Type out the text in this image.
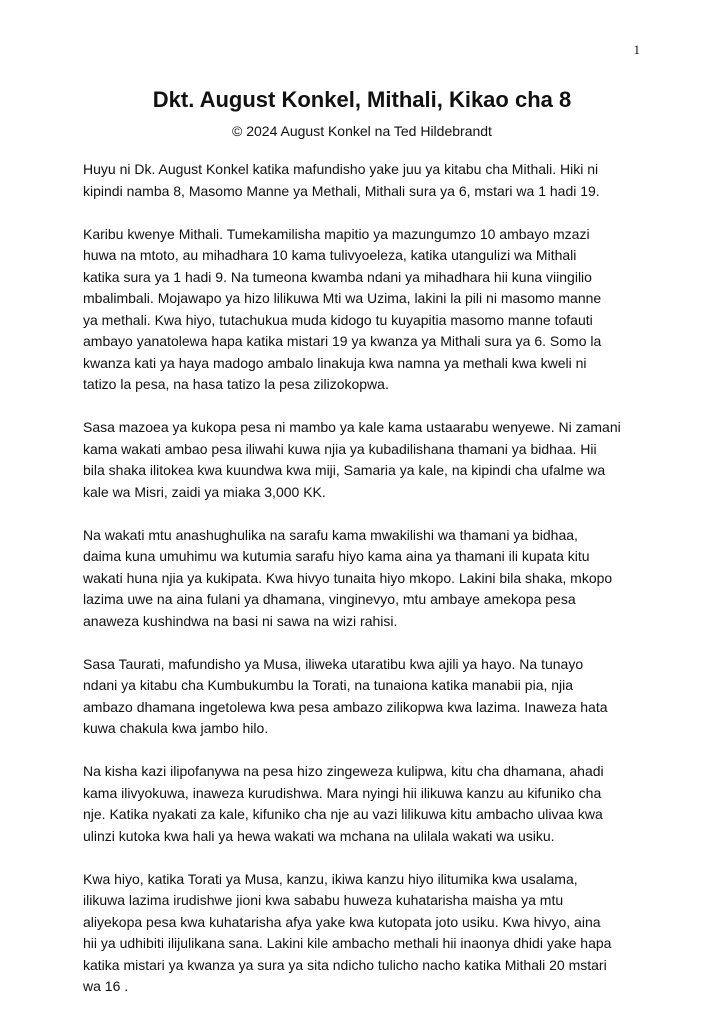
1
Dkt. August Konkel, Mithali, Kikao cha 8

© 2024 August Konkel na Ted Hildebrandt

Huyu ni Dk. August Konkel katika mafundisho yake juu ya kitabu cha Mithali. Hiki ni
kipindi namba 8, Masomo Manne ya Methali, Mithali sura ya 6, mstari wa 1 hadi 19.

Karibu kwenye Mithali. Tumekamilisha mapitio ya mazungumzo 10 ambayo mzazi
huwa na mtoto, au mihadhara 10 kama tulivyoeleza, katika utangulizi wa Mithali
katika sura ya 1 hadi 9. Na tumeona kwamba ndani ya mihadhara hii kuna viingilio
mbalimbali. Mojawapo ya hizo lilikuwa Mti wa Uzima, lakini la pili ni masomo manne
ya methali. Kwa hiyo, tutachukua muda kidogo tu kuyapitia masomo manne tofauti
ambayo yanatolewa hapa katika mistari 19 ya kwanza ya Mithali sura ya 6. Somo la
kwanza kati ya haya madogo ambalo linakuja kwa namna ya methali kwa kweli ni
tatizo la pesa, na hasa tatizo la pesa zilizokopwa.

Sasa mazoea ya kukopa pesa ni mambo ya kale kama ustaarabu wenyewe. Ni zamani
kama wakati ambao pesa iliwahi kuwa njia ya kubadilishana thamani ya bidhaa. Hii
bila shaka ilitokea kwa kuundwa kwa miji, Samaria ya kale, na kipindi cha ufalme wa
kale wa Misri, zaidi ya miaka 3,000 KK.

Na wakati mtu anashughulika na sarafu kama mwakilishi wa thamani ya bidhaa,
daima kuna umuhimu wa kutumia sarafu hiyo kama aina ya thamani ili kupata kitu
wakati huna njia ya kukipata. Kwa hivyo tunaita hiyo mkopo. Lakini bila shaka, mkopo
lazima uwe na aina fulani ya dhamana, vinginevyo, mtu ambaye amekopa pesa
anaweza kushindwa na basi ni sawa na wizi rahisi.

Sasa Taurati, mafundisho ya Musa, iliweka utaratibu kwa ajili ya hayo. Na tunayo
ndani ya kitabu cha Kumbukumbu la Torati, na tunaiona katika manabii pia, njia
ambazo dhamana ingetolewa kwa pesa ambazo zilikopwa kwa lazima. Inaweza hata
kuwa chakula kwa jambo hilo.

Na kisha kazi ilipofanywa na pesa hizo zingeweza kulipwa, kitu cha dhamana, ahadi
kama ilivyokuwa, inaweza kurudishwa. Mara nyingi hii ilikuwa kanzu au kifuniko cha
nje. Katika nyakati za kale, kifuniko cha nje au vazi lilikuwa kitu ambacho ulivaa kwa
ulinzi kutoka kwa hali ya hewa wakati wa mchana na ulilala wakati wa usiku.

Kwa hiyo, katika Torati ya Musa, kanzu, ikiwa kanzu hiyo ilitumika kwa usalama,
ilikuwa lazima irudishwe jioni kwa sababu huweza kuhatarisha maisha ya mtu
aliyekopa pesa kwa kuhatarisha afya yake kwa kutopata joto usiku. Kwa hivyo, aina
hii ya udhibiti ilijulikana sana. Lakini kile ambacho methali hii inaonya dhidi yake hapa
katika mistari ya kwanza ya sura ya sita ndicho tulicho nacho katika Mithali 20 mstari
wa 16 .
